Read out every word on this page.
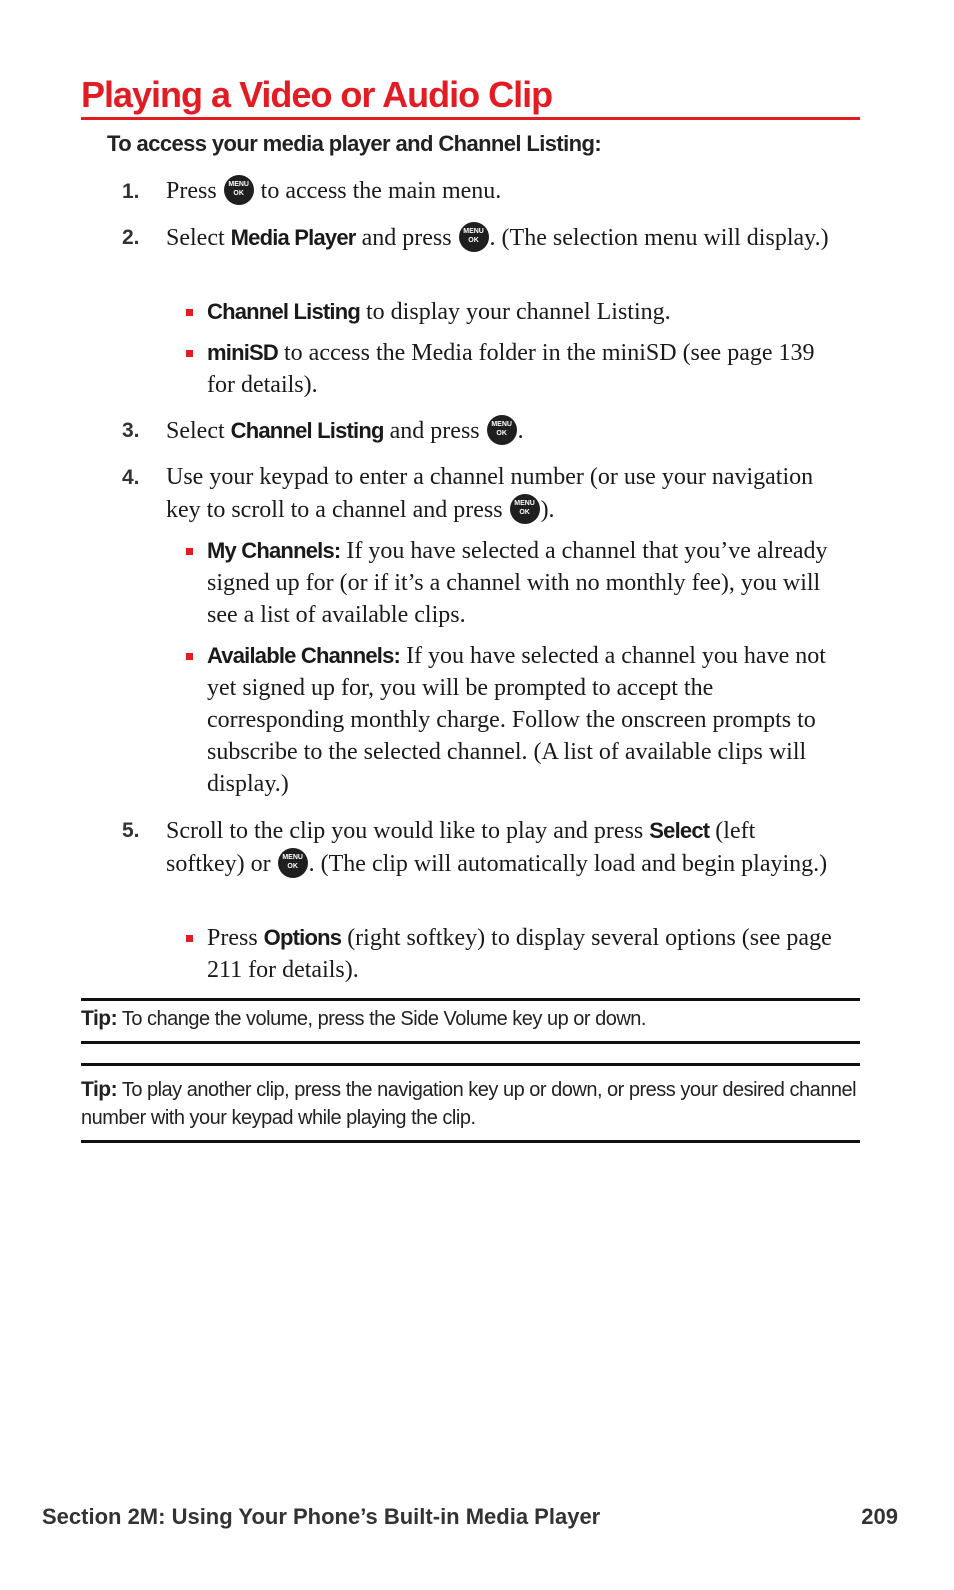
Playing a Video or Audio Clip
To access your media player and Channel Listing:
1. Press MENU OK to access the main menu.
2. Select Media Player and press MENU OK . (The selection menu will display.)
Channel Listing to display your channel Listing.
miniSD to access the Media folder in the miniSD (see page 139 for details).
3. Select Channel Listing and press MENU OK .
4. Use your keypad to enter a channel number (or use your navigation key to scroll to a channel and press MENU OK ).
My Channels: If you have selected a channel that you’ve already signed up for (or if it’s a channel with no monthly fee), you will see a list of available clips.
Available Channels: If you have selected a channel you have not yet signed up for, you will be prompted to accept the corresponding monthly charge. Follow the onscreen prompts to subscribe to the selected channel. (A list of available clips will display.)
5. Scroll to the clip you would like to play and press Select (left softkey) or MENU OK . (The clip will automatically load and begin playing.)
Press Options (right softkey) to display several options (see page 211 for details).
Tip: To change the volume, press the Side Volume key up or down.
Tip: To play another clip, press the navigation key up or down, or press your desired channel number with your keypad while playing the clip.
Section 2M: Using Your Phone’s Built-in Media Player	209
